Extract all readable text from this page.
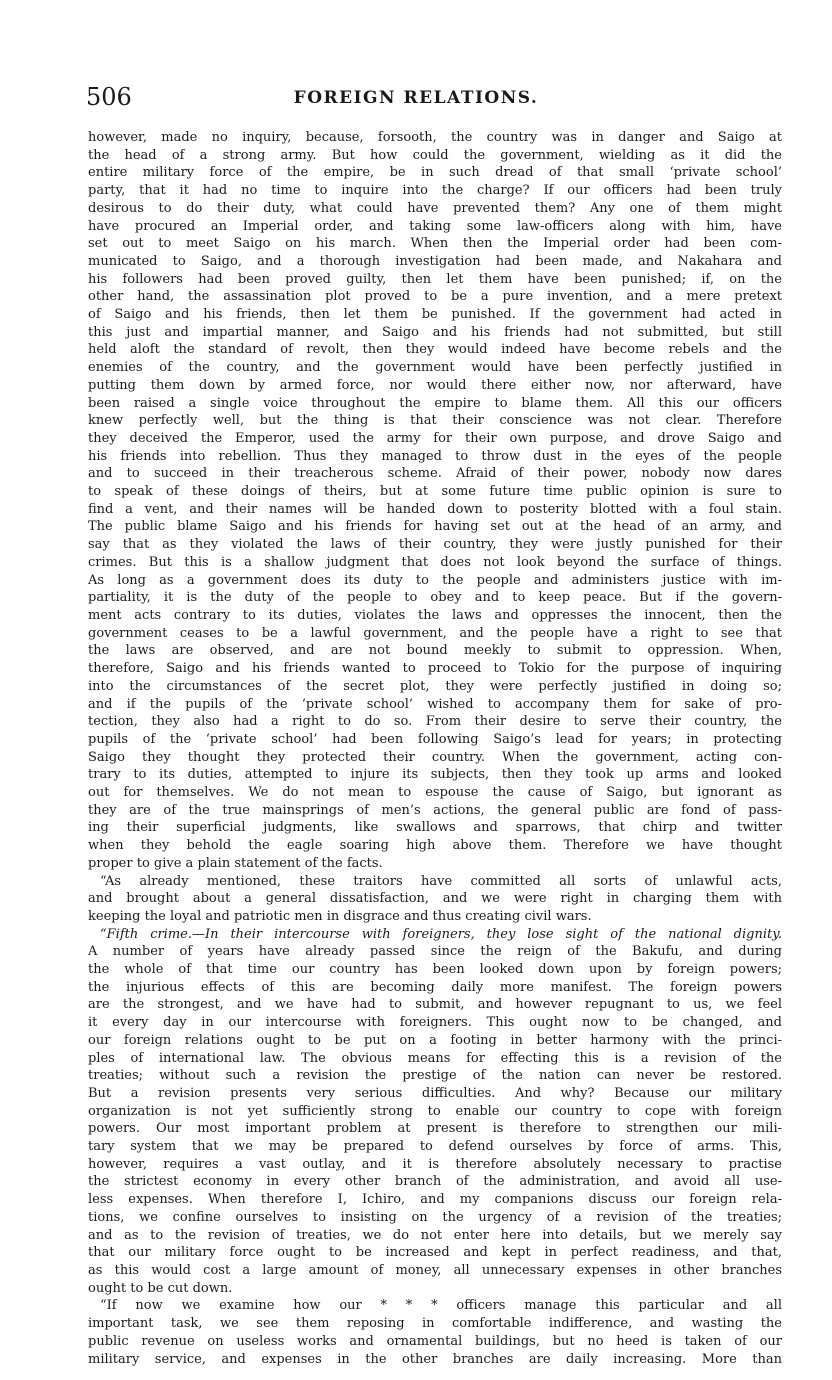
506	FOREIGN RELATIONS.
however, made no inquiry, because, forsooth, the country was in danger and Saigo at
the head of a strong army. But how could the government, wielding as it did the
entire military force of the empire, be in such dread of that small ‘private school’
party, that it had no time to inquire into the charge? If our officers had been truly
desirous to do their duty, what could have prevented them? Any one of them might
have procured an Imperial order, and taking some law-officers along with him, have
set out to meet Saigo on his march. When then the Imperial order had been com-
municated to Saigo, and a thorough investigation had been made, and Nakahara and
his followers had been proved guilty, then let them have been punished; if, on the
other hand, the assassination plot proved to be a pure invention, and a mere pretext
of Saigo and his friends, then let them be punished. If the government had acted in
this just and impartial manner, and Saigo and his friends had not submitted, but still
held aloft the standard of revolt, then they would indeed have become rebels and the
enemies of the country, and the government would have been perfectly justified in
putting them down by armed force, nor would there either now, nor afterward, have
been raised a single voice throughout the empire to blame them. All this our officers
knew perfectly well, but the thing is that their conscience was not clear. Therefore
they deceived the Emperor, used the army for their own purpose, and drove Saigo and
his friends into rebellion. Thus they managed to throw dust in the eyes of the people
and to succeed in their treacherous scheme. Afraid of their power, nobody now dares
to speak of these doings of theirs, but at some future time public opinion is sure to
find a vent, and their names will be handed down to posterity blotted with a foul stain.
The public blame Saigo and his friends for having set out at the head of an army, and
say that as they violated the laws of their country, they were justly punished for their
crimes. But this is a shallow judgment that does not look beyond the surface of things.
As long as a government does its duty to the people and administers justice with im-
partiality, it is the duty of the people to obey and to keep peace. But if the govern-
ment acts contrary to its duties, violates the laws and oppresses the innocent, then the
government ceases to be a lawful government, and the people have a right to see that
the laws are observed, and are not bound meekly to submit to oppression. When,
therefore, Saigo and his friends wanted to proceed to Tokio for the purpose of inquiring
into the circumstances of the secret plot, they were perfectly justified in doing so;
and if the pupils of the ‘private school’ wished to accompany them for sake of pro-
tection, they also had a right to do so. From their desire to serve their country, the
pupils of the ‘private school’ had been following Saigo’s lead for years; in protecting
Saigo they thought they protected their country. When the government, acting con-
trary to its duties, attempted to injure its subjects, then they took up arms and looked
out for themselves. We do not mean to espouse the cause of Saigo, but ignorant as
they are of the true mainsprings of men’s actions, the general public are fond of pass-
ing their superficial judgments, like swallows and sparrows, that chirp and twitter
when they behold the eagle soaring high above them. Therefore we have thought
proper to give a plain statement of the facts.
“As already mentioned, these traitors have committed all sorts of unlawful acts,
and brought about a general dissatisfaction, and we were right in charging them with
keeping the loyal and patriotic men in disgrace and thus creating civil wars.
“Fifth crime.—In their intercourse with foreigners, they lose sight of the national dignity.
A number of years have already passed since the reign of the Bakufu, and during
the whole of that time our country has been looked down upon by foreign powers;
the injurious effects of this are becoming daily more manifest. The foreign powers
are the strongest, and we have had to submit, and however repugnant to us, we feel
it every day in our intercourse with foreigners. This ought now to be changed, and
our foreign relations ought to be put on a footing in better harmony with the princi-
ples of international law. The obvious means for effecting this is a revision of the
treaties; without such a revision the prestige of the nation can never be restored.
But a revision presents very serious difficulties. And why? Because our military
organization is not yet sufficiently strong to enable our country to cope with foreign
powers. Our most important problem at present is therefore to strengthen our mili-
tary system that we may be prepared to defend ourselves by force of arms. This,
however, requires a vast outlay, and it is therefore absolutely necessary to practise
the strictest economy in every other branch of the administration, and avoid all use-
less expenses. When therefore I, Ichiro, and my companions discuss our foreign rela-
tions, we confine ourselves to insisting on the urgency of a revision of the treaties;
and as to the revision of treaties, we do not enter here into details, but we merely say
that our military force ought to be increased and kept in perfect readiness, and that,
as this would cost a large amount of money, all unnecessary expenses in other branches
ought to be cut down.
“If now we examine how our * * * officers manage this particular and all
important task, we see them reposing in comfortable indifference, and wasting the
public revenue on useless works and ornamental buildings, but no heed is taken of our
military service, and expenses in the other branches are daily increasing. More than
